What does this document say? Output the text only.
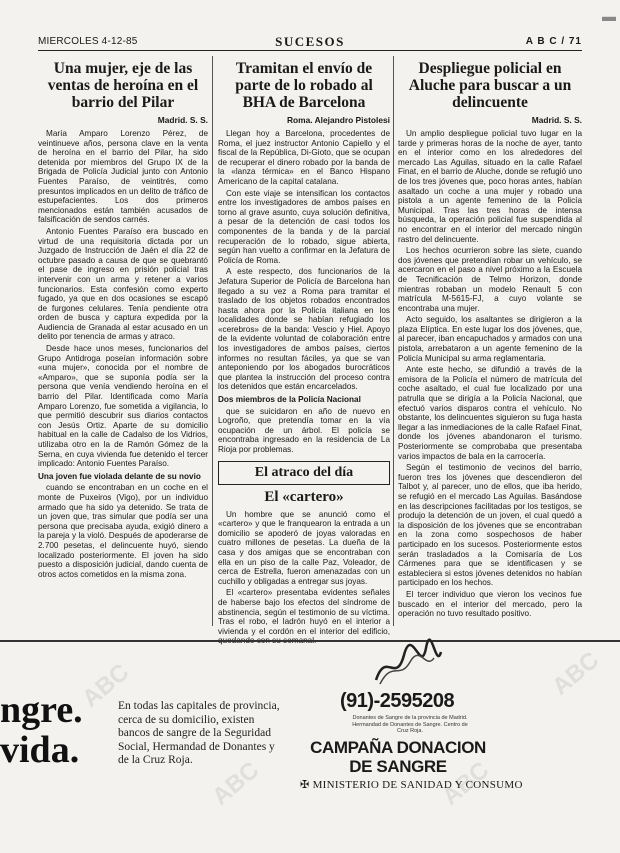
▬
MIERCOLES 4-12-85	SUCESOS	A B C / 71
Una mujer, eje de las ventas de heroína en el barrio del Pilar
Madrid. S. S.

María Amparo Lorenzo Pérez, de veintinueve años, persona clave en la venta de heroína en el barrio del Pilar, ha sido detenida por miembros del Grupo IX de la Brigada de Policía Judicial junto con Antonio Fuentes Paraíso, de veintitrés, como presuntos implicados en un delito de tráfico de estupefacientes. Los dos primeros mencionados están también acusados de falsificación de sendos carnés.

Antonio Fuentes Paraíso era buscado en virtud de una requisitoria dictada por un Juzgado de Instrucción de Jaén el día 22 de octubre pasado a causa de que se quebrantó el pase de ingreso en prisión policial tras intervenir con un arma y retener a varios funcionarios. Esta confesión como experto fugado, ya que en dos ocasiones se escapó de furgones celulares. Tenía pendiente otra orden de busca y captura expedida por la Audiencia de Granada al estar acusado en un delito por tenencia de armas y atraco.

Desde hace unos meses, funcionarios del Grupo Antidroga poseían información sobre «una mujer», conocida por el nombre de «Amparo», que se suponía podía ser la persona que venía vendiendo heroína en el barrio del Pilar. Identificada como María Amparo Lorenzo, fue sometida a vigilancia, lo que permitió descubrir sus diarios contactos con Jesús Ortiz. Aparte de su domicilio habitual en la calle de Cadalso de los Vidrios, utilizaba otro en la de Ramón Gómez de la Serna, en cuya vivienda fue detenido el tercer implicado: Antonio Fuentes Paraíso.

Una joven fue violada delante de su novio

cuando se encontraban en un coche en el monte de Puxeiros (Vigo), por un individuo armado que ha sido ya detenido. Se trata de un joven que, tras simular que podía ser una persona que precisaba ayuda, exigió dinero a la pareja y la violó. Después de apoderarse de 2.700 pesetas, el delincuente huyó, siendo localizado posteriormente. El joven ha sido puesto a disposición judicial, dando cuenta de otros actos cometidos en la misma zona.

Tramitan el envío de parte de lo robado al BHA de Barcelona
Roma. Alejandro Pistolesi

Llegan hoy a Barcelona, procedentes de Roma, el juez instructor Antonio Capiello y el fiscal de la República, Di-Gioto, que se ocupan de recuperar el dinero robado por la banda de la «lanza térmica» en el Banco Hispano Americano de la capital catalana.

Con este viaje se intensifican los contactos entre los investigadores de ambos países en torno al grave asunto, cuya solución definitiva, a pesar de la detención de casi todos los componentes de la banda y de la parcial recuperación de lo robado, sigue abierta, según han vuelto a confirmar en la Jefatura de Policía de Roma.

A este respecto, dos funcionarios de la Jefatura Superior de Policía de Barcelona han llegado a su vez a Roma para tramitar el traslado de los objetos robados encontrados hasta ahora por la Policía italiana en los localidades donde se habían refugiado los «cerebros» de la banda: Vescio y Hiel. Apoyo de la evidente voluntad de colaboración entre los investigadores de ambos países, ciertos informes no resultan fáciles, ya que se van anteponiendo por los abogados burocráticos que plantea la instrucción del proceso contra los detenidos que están encarcelados.

Dos miembros de la Policía Nacional

que se suicidaron en año de nuevo en Logroño, que pretendía tomar en la vía ocupación de un árbol. El policía se encontraba ingresado en la residencia de La Rioja por problemas.

El atraco del día
El «cartero»

Un hombre que se anunció como el «cartero» y que le franquearon la entrada a un domicilio se apoderó de joyas valoradas en cuatro millones de pesetas. La dueña de la casa y dos amigas que se encontraban con ella en un piso de la calle Paz, Voleador, de cerca de Estrella, fueron amenazadas con un cuchillo y obligadas a entregar sus joyas.

El «cartero» presentaba evidentes señales de haberse bajo los efectos del síndrome de abstinencia, según el testimonio de su víctima. Tras el robo, el ladrón huyó en el interior a vivienda y el cordón en el interior del edificio,

Despliegue policial en Aluche para buscar a un delincuente
Madrid. S. S.

Un amplio despliegue policial tuvo lugar en la tarde y primeras horas de la noche de ayer, tanto en el interior como en los alrededores del mercado Las Aguilas, situado en la calle Rafael Finat, en el barrio de Aluche, donde se refugió uno de los tres jóvenes que, poco horas antes, habían asaltado un coche a una mujer y robado una pistola a un agente femenino de la Policía Municipal. Tras las tres horas de intensa búsqueda, la operación policial fue suspendida al no encontrar en el interior del mercado ningún rastro del delincuente.

Los hechos ocurrieron sobre las siete, cuando dos jóvenes que pretendían robar un vehículo, se acercaron en el paso a nivel próximo a la Escuela de Tecnificación de Telmo Horizon, donde mientras robaban un modelo Renault 5 con matrícula M-5615-FJ, a cuyo volante se encontraba una mujer.

Acto seguido, los asaltantes se dirigieron a la plaza Elíptica. En este lugar los dos jóvenes, que, al parecer, iban encapuchados y armados con una pistola, arrebataron a un agente femenino de la Policía Municipal su arma reglamentaria.

Ante este hecho, se difundió a través de la emisora de la Policía el número de matrícula del coche asaltado, el cual fue localizado por una patrulla que se dirigía a la Policía Nacional, que efectuó varios disparos contra el vehículo. No obstante, los delincuentes siguieron su fuga hasta llegar a las inmediaciones de la calle Rafael Finat, donde los jóvenes abandonaron el turismo. Posteriormente se comprobaba que presentaba varios impactos de bala en la carrocería.

Según el testimonio de vecinos del barrio, fueron tres los jóvenes que descendieron del Talbot y, al parecer, uno de ellos, que iba herido, se refugió en el mercado Las Aguilas. Basándose en las descripciones facilitadas por los testigos, se produjo la detención de un joven, el cual quedó a la disposición de los jóvenes que se encontraban en la zona como sospechosos de haber participado en los sucesos. Posteriormente estos serán trasladados a la Comisaría de Los Cármenes para que se identificasen y se estableciera si estos jóvenes detenidos no habían participado en los hechos.

El tercer individuo que vieron los vecinos fue buscado en el interior del mercado, pero la operación no tuvo resultado positivo.

ngre.
vida.
En todas las capitales de provincia, cerca de su domicilio, existen bancos de sangre de la Seguridad Social, Hermandad de Donantes y de la Cruz Roja.
(91)-2595208
Donantes de Sangre de la provincia de Madrid. Hermandad de Donantes de Sangre. Centro de Cruz Roja.
CAMPAÑA DONACION
DE SANGRE
✠ MINISTERIO DE SANIDAD Y CONSUMO
ABC
ABC	ABC
ABC
